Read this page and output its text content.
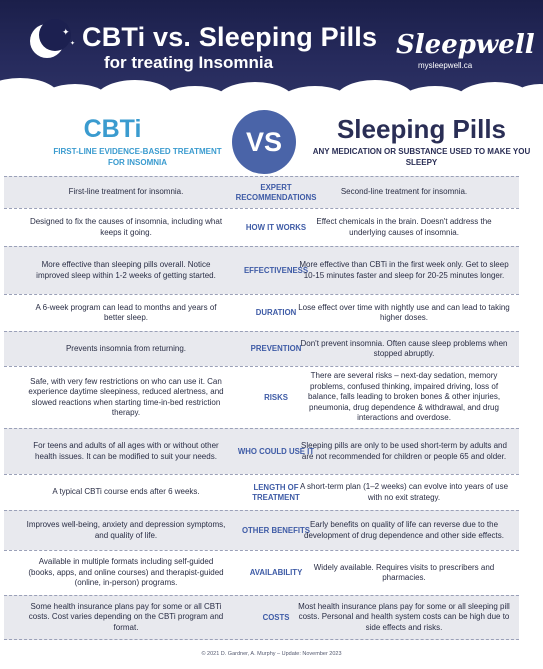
✦
✦ CBTi vs. Sleeping Pills
for treating Insomnia
Sleepwell
mysleepwell.ca
CBTi
FIRST-LINE EVIDENCE-BASED TREATMENT FOR INSOMNIA
VS	Sleeping Pills
ANY MEDICATION OR SUBSTANCE USED TO MAKE YOU SLEEPY
First-line treatment for insomnia.
EXPERT RECOMMENDATIONS
Second-line treatment for insomnia.
Designed to fix the causes of insomnia, including what keeps it going.
HOW IT WORKS
Effect chemicals in the brain. Doesn't address the underlying causes of insomnia.
More effective than sleeping pills overall. Notice improved sleep within 1-2 weeks of getting started.
EFFECTIVENESS
More effective than CBTi in the first week only. Get to sleep 10-15 minutes faster and sleep for 20-25 minutes longer.
A 6-week program can lead to months and years of better sleep.
DURATION
Lose effect over time with nightly use and can lead to taking higher doses.
Prevents insomnia from returning.	PREVENTION
Don't prevent insomnia. Often cause sleep problems when stopped abruptly.
Safe, with very few restrictions on who can use it. Can experience daytime sleepiness, reduced alertness, and slowed reactions when starting time-in-bed restriction therapy.
RISKS
There are several risks – next-day sedation, memory problems, confused thinking, impaired driving, loss of balance, falls leading to broken bones & other injuries, pneumonia, drug dependence & withdrawal, and drug interactions and overdose.
For teens and adults of all ages with or without other health issues. It can be modified to suit your needs.
WHO COULD USE IT
Sleeping pills are only to be used short-term by adults and are not recommended for children or people 65 and older.
A typical CBTi course ends after 6 weeks.
LENGTH OF TREATMENT
A short-term plan (1–2 weeks) can evolve into years of use with no exit strategy.
Improves well-being, anxiety and depression symptoms, and quality of life.
OTHER BENEFITS
Early benefits on quality of life can reverse due to the development of drug dependence and other side effects.
Available in multiple formats including self-guided (books, apps, and online courses) and therapist-guided (online, in-person) programs.
AVAILABILITY
Widely available. Requires visits to prescribers and pharmacies.
Some health insurance plans pay for some or all CBTi costs. Cost varies depending on the CBTi program and format.
COSTS
Most health insurance plans pay for some or all sleeping pill costs. Personal and health system costs can be high due to side effects and risks.
© 2021 D. Gardner, A. Murphy – Update: November 2023
